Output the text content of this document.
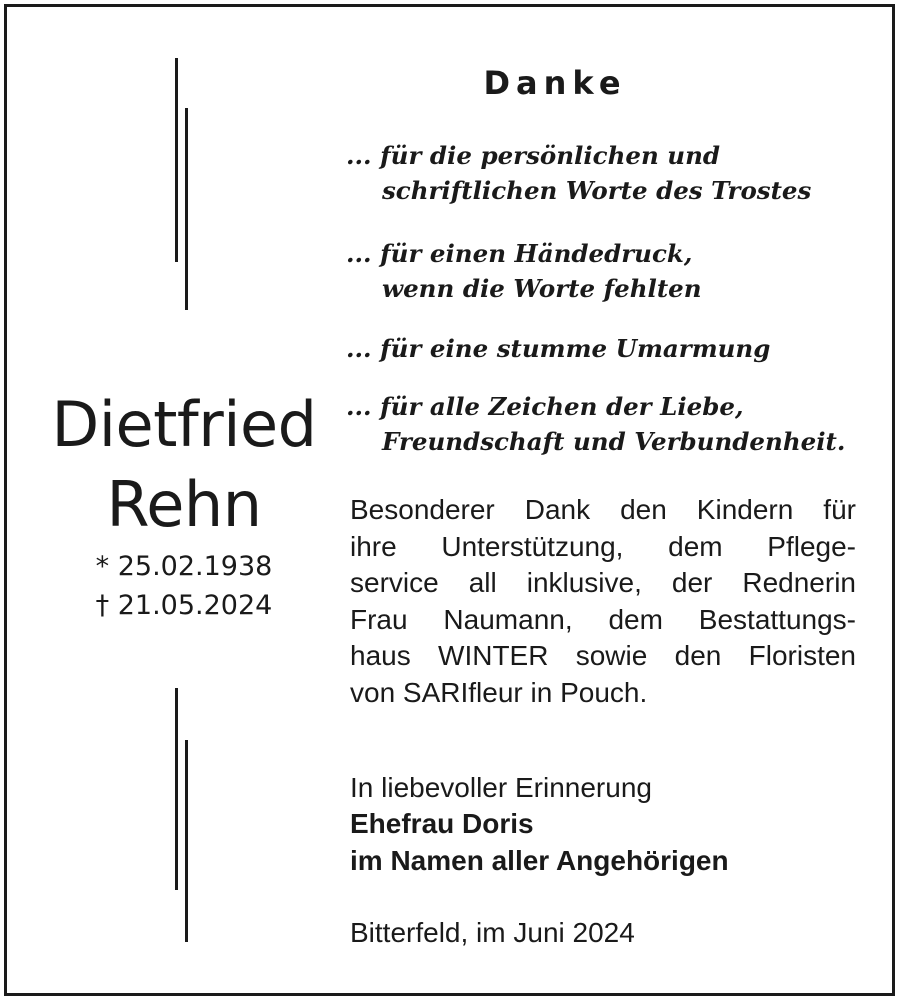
Dietfried
Rehn
* 25.02.1938
† 21.05.2024
Danke
... für die persönlichen und
schriftlichen Worte des Trostes
... für einen Händedruck,
wenn die Worte fehlten
... für eine stumme Umarmung
... für alle Zeichen der Liebe,
Freundschaft und Verbundenheit.
Besonderer Dank den Kindern für
ihre Unterstützung, dem Pflege-
service all inklusive, der Rednerin
Frau Naumann, dem Bestattungs-
haus WINTER sowie den Floristen
von SARIfleur in Pouch.
In liebevoller Erinnerung
Ehefrau Doris
im Namen aller Angehörigen
Bitterfeld, im Juni 2024
